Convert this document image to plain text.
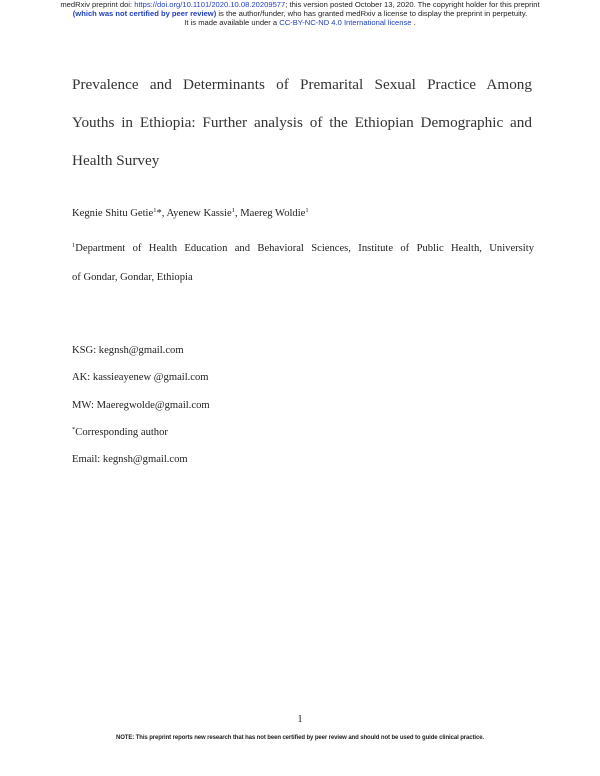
medRxiv preprint doi: https://doi.org/10.1101/2020.10.08.20209577; this version posted October 13, 2020. The copyright holder for this preprint
(which was not certified by peer review) is the author/funder, who has granted medRxiv a license to display the preprint in perpetuity.
It is made available under a CC-BY-NC-ND 4.0 International license .
Prevalence and Determinants of Premarital Sexual Practice Among
Youths in Ethiopia: Further analysis of the Ethiopian Demographic and
Health Survey
Kegnie Shitu Getie$^1$*, Ayenew Kassie$^1$, Maereg Woldie$^1$
$^1$Department of Health Education and Behavioral Sciences, Institute of Public Health, University
of Gondar, Gondar, Ethiopia
KSG: kegnsh@gmail.com
AK: kassieayenew @gmail.com
MW: Maeregwolde@gmail.com
*Corresponding author
Email: kegnsh@gmail.com
1
NOTE: This preprint reports new research that has not been certified by peer review and should not be used to guide clinical practice.
